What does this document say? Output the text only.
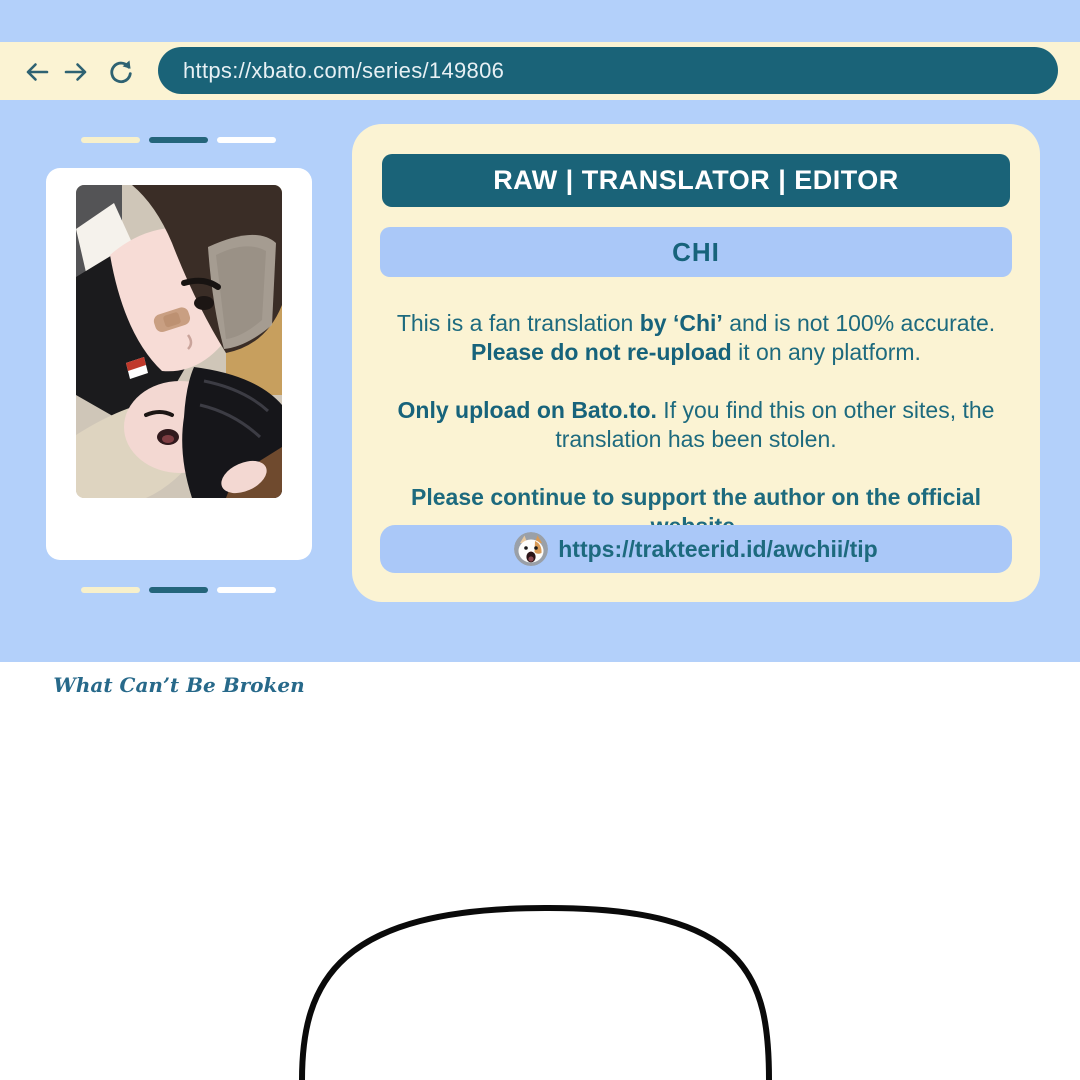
https://xbato.com/series/149806
What Can’t Be Broken
RAW | TRANSLATOR | EDITOR
CHI

This is a fan translation by ‘Chi’ and is not 100% accurate.
Please do not re-upload it on any platform.

Only upload on Bato.to. If you find this on other sites, the
translation has been stolen.

Please continue to support the author on the official

https://trakteerid.id/awchii/tip
